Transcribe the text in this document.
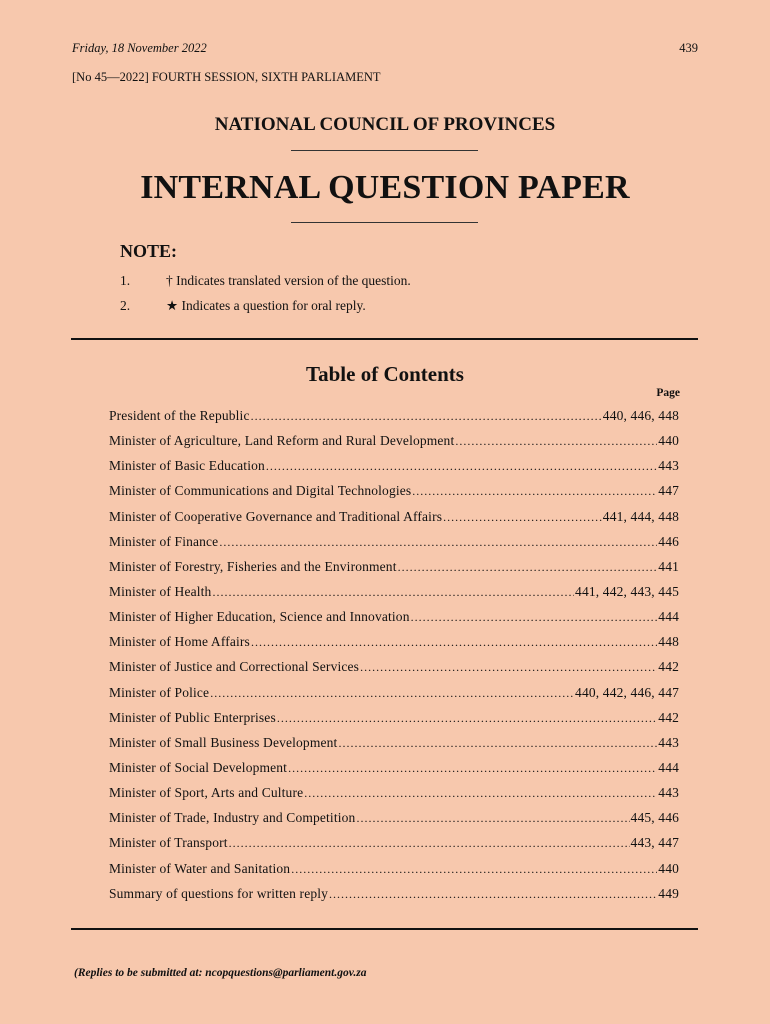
Friday, 18 November 2022	439
[No 45—2022] FOURTH SESSION, SIXTH PARLIAMENT
NATIONAL COUNCIL OF PROVINCES
INTERNAL QUESTION PAPER
NOTE:
1.	† Indicates translated version of the question.
2.	★ Indicates a question for oral reply.
Table of Contents
Page
President of the Republic .....	440, 446, 448
Minister of Agriculture, Land Reform and Rural Development .....	440
Minister of Basic Education .....	443
Minister of Communications and Digital Technologies .....	447
Minister of Cooperative Governance and Traditional Affairs .....	441, 444, 448
Minister of Finance .....	446
Minister of Forestry, Fisheries and the Environment .....	441
Minister of Health .....	441, 442, 443, 445
Minister of Higher Education, Science and Innovation .....	444
Minister of Home Affairs .....	448
Minister of Justice and Correctional Services .....	442
Minister of Police .....	440, 442, 446, 447
Minister of Public Enterprises .....	442
Minister of Small Business Development .....	443
Minister of Social Development .....	444
Minister of Sport, Arts and Culture .....	443
Minister of Trade, Industry and Competition .....	445, 446
Minister of Transport .....	443, 447
Minister of Water and Sanitation .....	440
Summary of questions for written reply .....	449
(Replies to be submitted at: ncopquestions@parliament.gov.za
